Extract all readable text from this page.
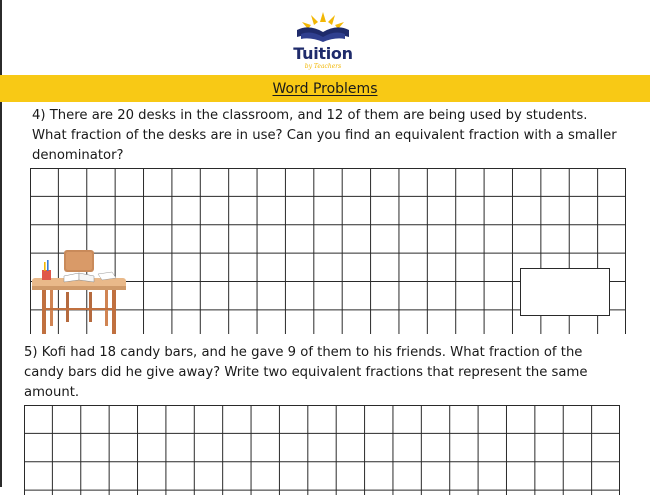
Tuition
by Teachers
Word Problems

4) There are 20 desks in the classroom, and 12 of them are being used by students. What fraction of the desks are in use? Can you find an equivalent fraction with a smaller denominator?

5) Kofi had 18 candy bars, and he gave 9 of them to his friends. What fraction of the candy bars did he give away? Write two equivalent fractions that represent the same amount.
